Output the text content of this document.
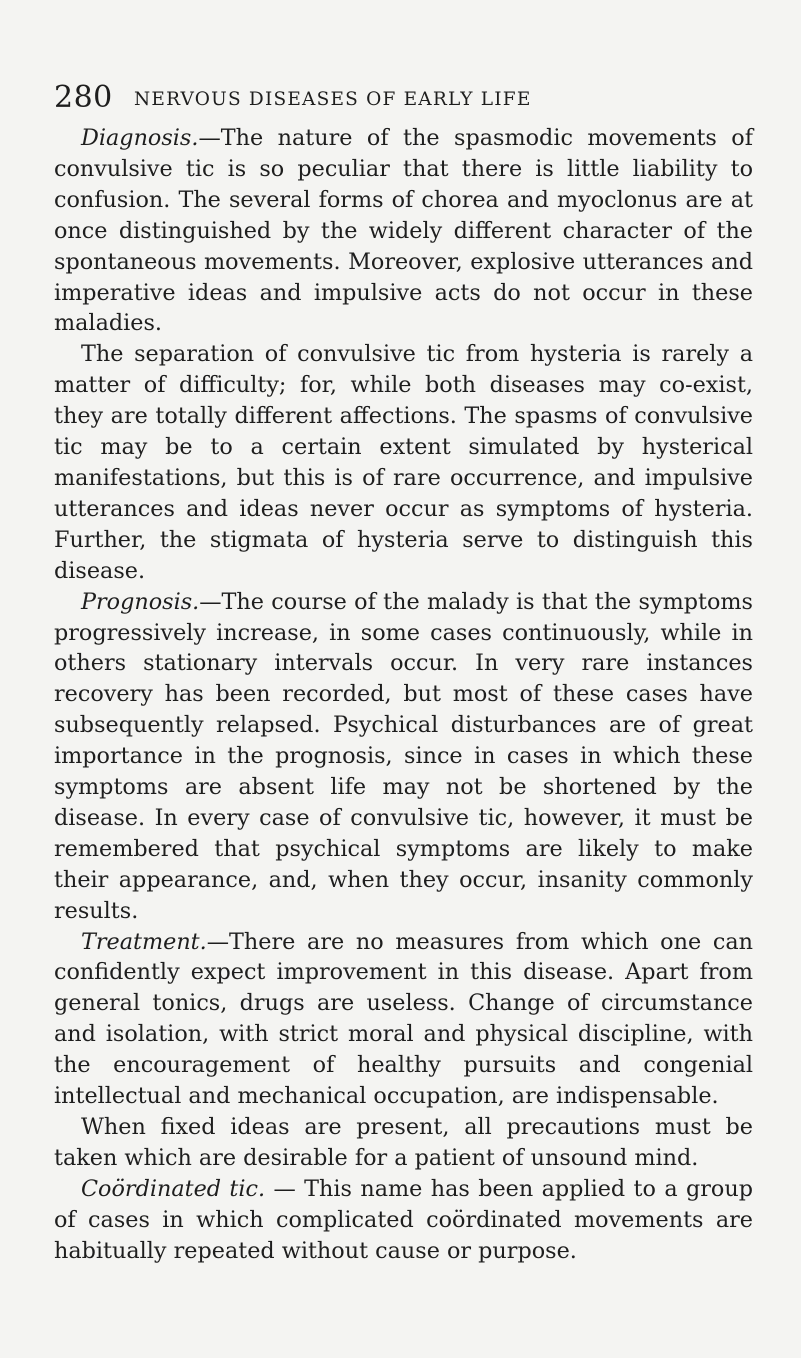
280 NERVOUS DISEASES OF EARLY LIFE

Diagnosis.—The nature of the spasmodic movements of convulsive tic is so peculiar that there is little liability to confusion. The several forms of chorea and myoclonus are at once distinguished by the widely different character of the spontaneous movements. Moreover, explosive utterances and imperative ideas and impulsive acts do not occur in these maladies.

The separation of convulsive tic from hysteria is rarely a matter of difficulty; for, while both diseases may co-exist, they are totally different affections. The spasms of convulsive tic may be to a certain extent simulated by hysterical manifestations, but this is of rare occurrence, and impulsive utterances and ideas never occur as symptoms of hysteria. Further, the stigmata of hysteria serve to distinguish this disease.

Prognosis.—The course of the malady is that the symptoms progressively increase, in some cases continuously, while in others stationary intervals occur. In very rare instances recovery has been recorded, but most of these cases have subsequently relapsed. Psychical disturbances are of great importance in the prognosis, since in cases in which these symptoms are absent life may not be shortened by the disease. In every case of convulsive tic, however, it must be remembered that psychical symptoms are likely to make their appearance, and, when they occur, insanity commonly results.

Treatment.—There are no measures from which one can confidently expect improvement in this disease. Apart from general tonics, drugs are useless. Change of circumstance and isolation, with strict moral and physical discipline, with the encouragement of healthy pursuits and congenial intellectual and mechanical occupation, are indispensable.

When fixed ideas are present, all precautions must be taken which are desirable for a patient of unsound mind.

Coördinated tic. — This name has been applied to a group of cases in which complicated coördinated movements are habitually repeated without cause or purpose.
